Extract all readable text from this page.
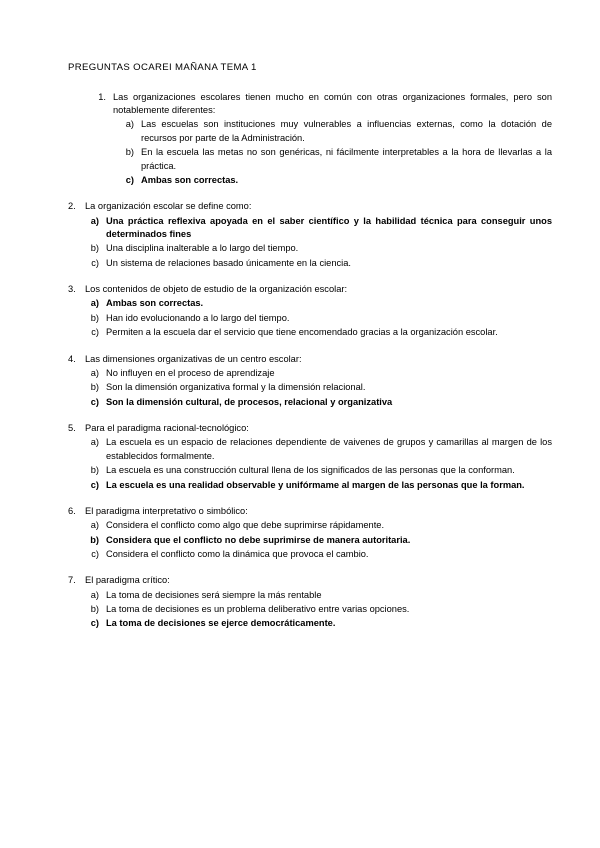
PREGUNTAS OCAREI MAÑANA TEMA 1
1. Las organizaciones escolares tienen mucho en común con otras organizaciones formales, pero son notablemente diferentes:
a) Las escuelas son instituciones muy vulnerables a influencias externas, como la dotación de recursos por parte de la Administración.
b) En la escuela las metas no son genéricas, ni fácilmente interpretables a la hora de llevarlas a la práctica.
c) Ambas son correctas.
2. La organización escolar se define como:
a) Una práctica reflexiva apoyada en el saber científico y la habilidad técnica para conseguir unos determinados fines
b) Una disciplina inalterable a lo largo del tiempo.
c) Un sistema de relaciones basado únicamente en la ciencia.
3. Los contenidos de objeto de estudio de la organización escolar:
a) Ambas son correctas.
b) Han ido evolucionando a lo largo del tiempo.
c) Permiten a la escuela dar el servicio que tiene encomendado gracias a la organización escolar.
4. Las dimensiones organizativas de un centro escolar:
a) No influyen en el proceso de aprendizaje
b) Son la dimensión organizativa formal y la dimensión relacional.
c) Son la dimensión cultural, de procesos, relacional y organizativa
5. Para el paradigma racional-tecnológico:
a) La escuela es un espacio de relaciones dependiente de vaivenes de grupos y camarillas al margen de los establecidos formalmente.
b) La escuela es una construcción cultural llena de los significados de las personas que la conforman.
c) La escuela es una realidad observable y unifórmame al margen de las personas que la forman.
6. El paradigma interpretativo o simbólico:
a) Considera el conflicto como algo que debe suprimirse rápidamente.
b) Considera que el conflicto no debe suprimirse de manera autoritaria.
c) Considera el conflicto como la dinámica que provoca el cambio.
7. El paradigma crítico:
a) La toma de decisiones será siempre la más rentable
b) La toma de decisiones es un problema deliberativo entre varias opciones.
c) La toma de decisiones se ejerce democráticamente.
